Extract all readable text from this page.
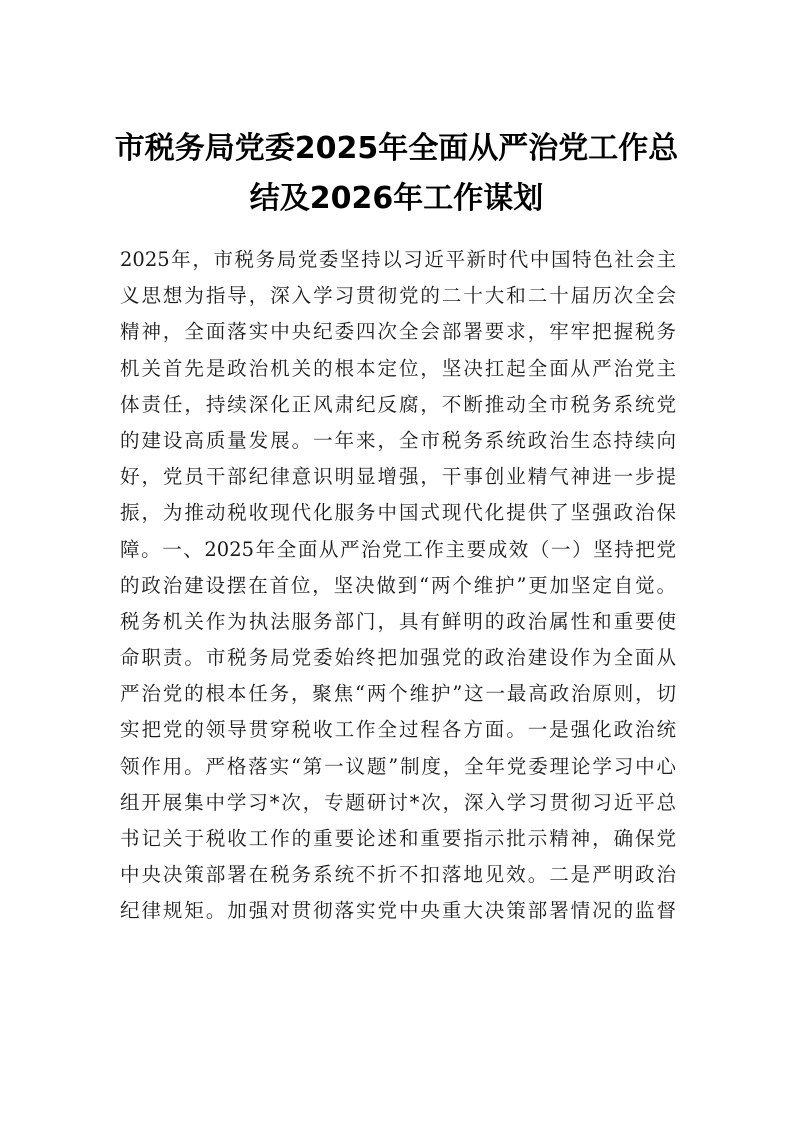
市税务局党委2025年全面从严治党工作总
结及2026年工作谋划
2025年，市税务局党委坚持以习近平新时代中国特色社会主
义思想为指导，深入学习贯彻党的二十大和二十届历次全会
精神，全面落实中央纪委四次全会部署要求，牢牢把握税务
机关首先是政治机关的根本定位，坚决扛起全面从严治党主
体责任，持续深化正风肃纪反腐，不断推动全市税务系统党
的建设高质量发展。一年来，全市税务系统政治生态持续向
好，党员干部纪律意识明显增强，干事创业精气神进一步提
振，为推动税收现代化服务中国式现代化提供了坚强政治保
障。一、2025年全面从严治党工作主要成效（一）坚持把党
的政治建设摆在首位，坚决做到“两个维护”更加坚定自觉。
税务机关作为执法服务部门，具有鲜明的政治属性和重要使
命职责。市税务局党委始终把加强党的政治建设作为全面从
严治党的根本任务，聚焦“两个维护”这一最高政治原则，切
实把党的领导贯穿税收工作全过程各方面。一是强化政治统
领作用。严格落实“第一议题”制度，全年党委理论学习中心
组开展集中学习*次，专题研讨*次，深入学习贯彻习近平总
书记关于税收工作的重要论述和重要指示批示精神，确保党
中央决策部署在税务系统不折不扣落地见效。二是严明政治
纪律规矩。加强对贯彻落实党中央重大决策部署情况的监督
